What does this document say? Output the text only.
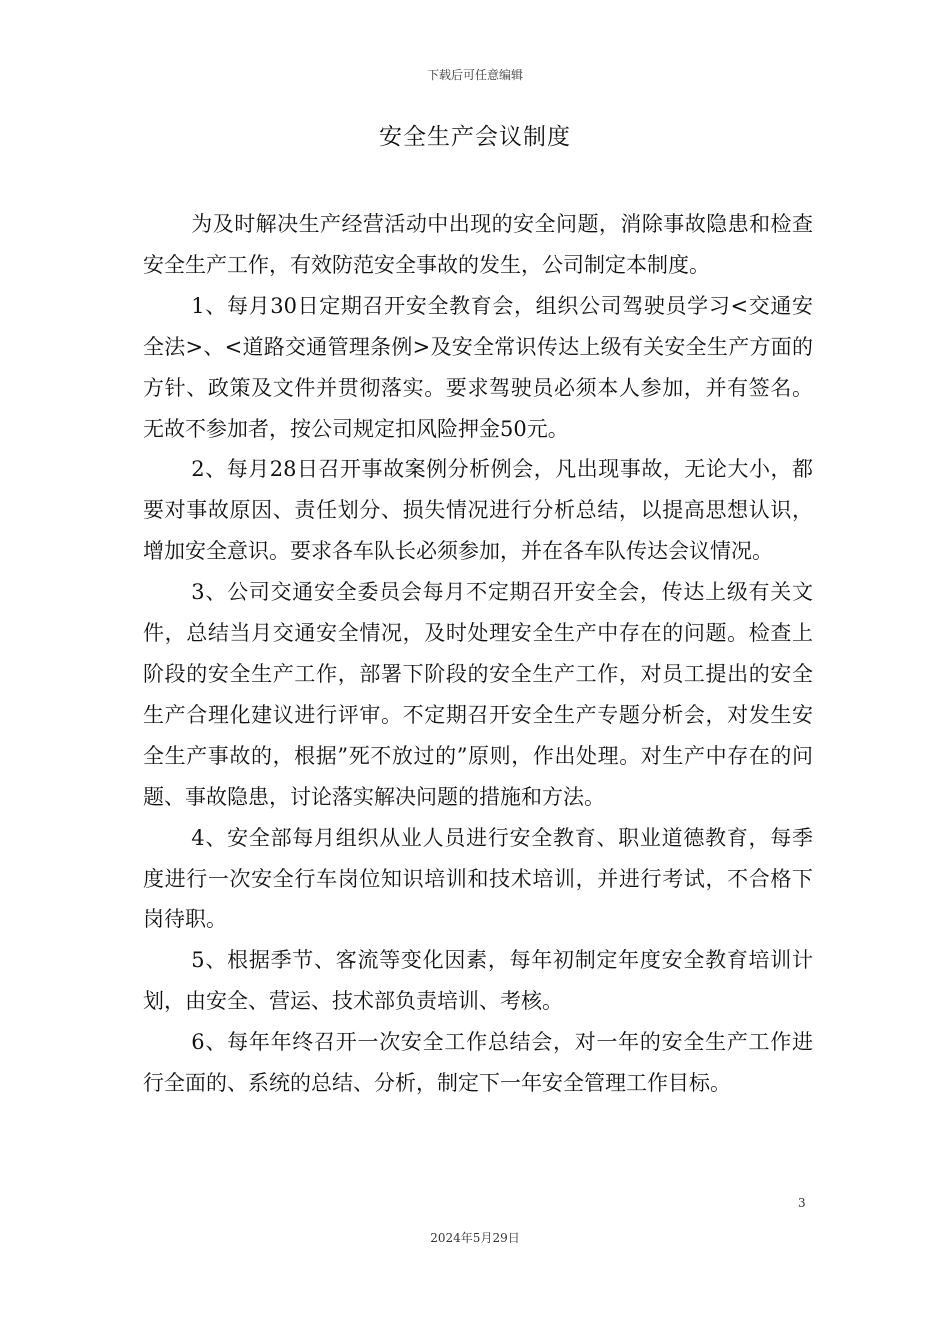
下载后可任意编辑
安全生产会议制度

为及时解决生产经营活动中出现的安全问题，消除事故隐患和检查安全生产工作，有效防范安全事故的发生，公司制定本制度。

1、每月30日定期召开安全教育会，组织公司驾驶员学习<交通安全法>、<道路交通管理条例>及安全常识传达上级有关安全生产方面的方针、政策及文件并贯彻落实。要求驾驶员必须本人参加，并有签名。无故不参加者，按公司规定扣风险押金50元。

2、每月28日召开事故案例分析例会，凡出现事故，无论大小，都要对事故原因、责任划分、损失情况进行分析总结，以提高思想认识，增加安全意识。要求各车队长必须参加，并在各车队传达会议情况。

3、公司交通安全委员会每月不定期召开安全会，传达上级有关文件，总结当月交通安全情况，及时处理安全生产中存在的问题。检查上阶段的安全生产工作，部署下阶段的安全生产工作，对员工提出的安全生产合理化建议进行评审。不定期召开安全生产专题分析会，对发生安全生产事故的，根据”死不放过的”原则，作出处理。对生产中存在的问题、事故隐患，讨论落实解决问题的措施和方法。

4、安全部每月组织从业人员进行安全教育、职业道德教育，每季度进行一次安全行车岗位知识培训和技术培训，并进行考试，不合格下岗待职。

5、根据季节、客流等变化因素，每年初制定年度安全教育培训计划，由安全、营运、技术部负责培训、考核。

6、每年年终召开一次安全工作总结会，对一年的安全生产工作进行全面的、系统的总结、分析，制定下一年安全管理工作目标。

3
2024年5月29日
